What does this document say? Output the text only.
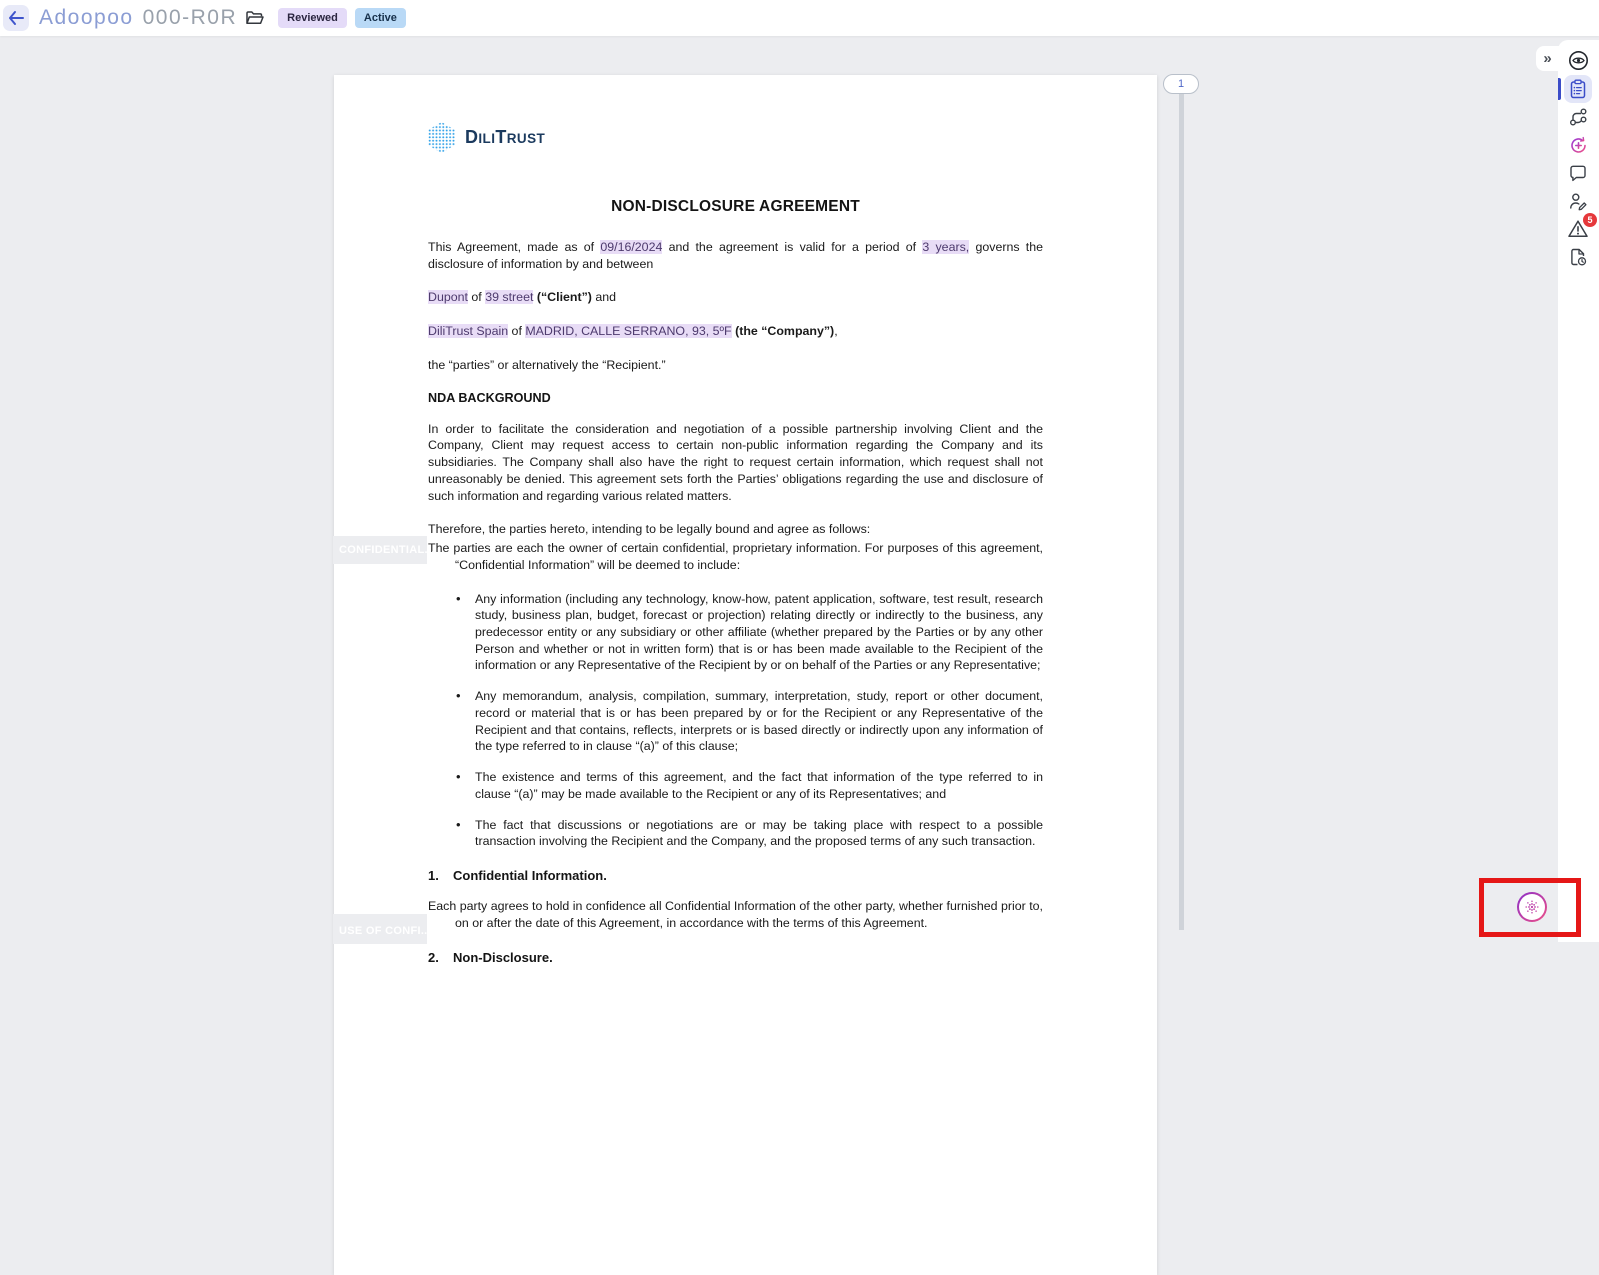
Adoopoo 000-R0R	Reviewed	Active
DILITRUST
NON-DISCLOSURE AGREEMENT
This Agreement, made as of 09/16/2024 and the agreement is valid for a period of 3 years, governs the disclosure of information by and between
Dupont of 39 street (“Client”) and
DiliTrust Spain of MADRID, CALLE SERRANO, 93, 5ºF (the “Company”),
the “parties” or alternatively the “Recipient.”
NDA BACKGROUND
In order to facilitate the consideration and negotiation of a possible partnership involving Client and the Company, Client may request access to certain non-public information regarding the Company and its subsidiaries. The Company shall also have the right to request certain information, which request shall not unreasonably be denied. This agreement sets forth the Parties’ obligations regarding the use and disclosure of such information and regarding various related matters.
Therefore, the parties hereto, intending to be legally bound and agree as follows:
The parties are each the owner of certain confidential, proprietary information. For purposes of this agreement, “Confidential Information” will be deemed to include:
• Any information (including any technology, know-how, patent application, software, test result, research study, business plan, budget, forecast or projection) relating directly or indirectly to the business, any predecessor entity or any subsidiary or other affiliate (whether prepared by the Parties or by any other Person and whether or not in written form) that is or has been made available to the Recipient of the information or any Representative of the Recipient by or on behalf of the Parties or any Representative;
• Any memorandum, analysis, compilation, summary, interpretation, study, report or other document, record or material that is or has been prepared by or for the Recipient or any Representative of the Recipient and that contains, reflects, interprets or is based directly or indirectly upon any information of the type referred to in clause “(a)” of this clause;
• The existence and terms of this agreement, and the fact that information of the type referred to in clause “(a)” may be made available to the Recipient or any of its Representatives; and
• The fact that discussions or negotiations are or may be taking place with respect to a possible transaction involving the Recipient and the Company, and the proposed terms of any such transaction.
1.	Confidential Information.
Each party agrees to hold in confidence all Confidential Information of the other party, whether furnished prior to, on or after the date of this Agreement, in accordance with the terms of this Agreement.
2.	Non-Disclosure.
CONFIDENTIAL...
USE OF CONFI...
1
»
5
